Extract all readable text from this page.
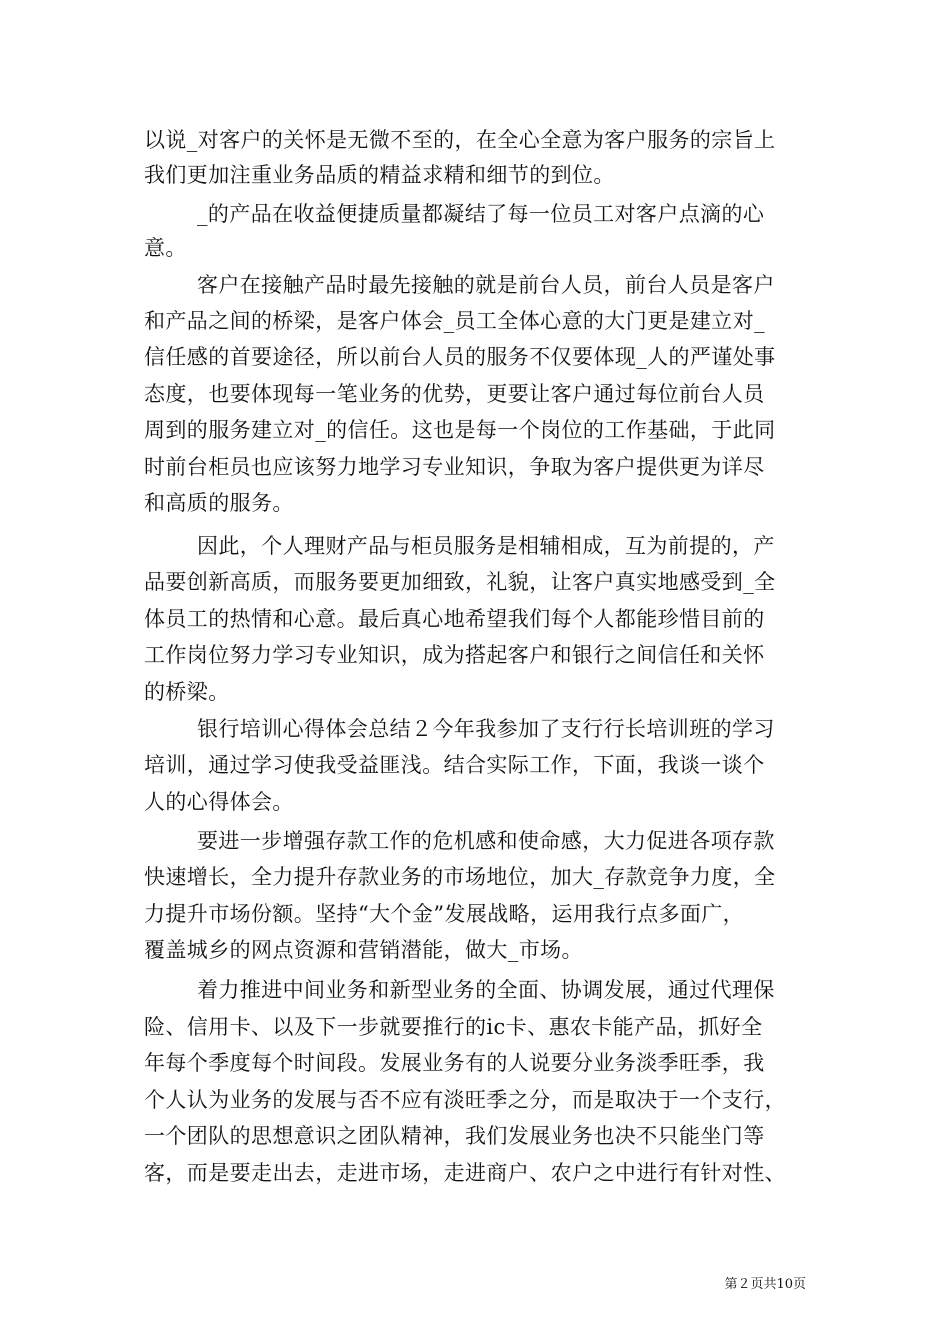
以说_对客户的关怀是无微不至的，在全心全意为客户服务的宗旨上
我们更加注重业务品质的精益求精和细节的到位。
_的产品在收益便捷质量都凝结了每一位员工对客户点滴的心
意。
客户在接触产品时最先接触的就是前台人员，前台人员是客户
和产品之间的桥梁，是客户体会_员工全体心意的大门更是建立对_
信任感的首要途径，所以前台人员的服务不仅要体现_人的严谨处事
态度，也要体现每一笔业务的优势，更要让客户通过每位前台人员
周到的服务建立对_的信任。这也是每一个岗位的工作基础，于此同
时前台柜员也应该努力地学习专业知识，争取为客户提供更为详尽
和高质的服务。
因此，个人理财产品与柜员服务是相辅相成，互为前提的，产
品要创新高质，而服务要更加细致，礼貌，让客户真实地感受到_全
体员工的热情和心意。最后真心地希望我们每个人都能珍惜目前的
工作岗位努力学习专业知识，成为搭起客户和银行之间信任和关怀
的桥梁。
银行培训心得体会总结２今年我参加了支行行长培训班的学习
培训，通过学习使我受益匪浅。结合实际工作，下面，我谈一谈个
人的心得体会。
要进一步增强存款工作的危机感和使命感，大力促进各项存款
快速增长，全力提升存款业务的市场地位，加大_存款竞争力度，全
力提升市场份额。坚持“大个金”发展战略，运用我行点多面广，
覆盖城乡的网点资源和营销潜能，做大_市场。
着力推进中间业务和新型业务的全面、协调发展，通过代理保
险、信用卡、以及下一步就要推行的ic卡、惠农卡能产品，抓好全
年每个季度每个时间段。发展业务有的人说要分业务淡季旺季，我
个人认为业务的发展与否不应有淡旺季之分，而是取决于一个支行，
一个团队的思想意识之团队精神，我们发展业务也决不只能坐门等
客，而是要走出去，走进市场，走进商户、农户之中进行有针对性、
第２页共10页
